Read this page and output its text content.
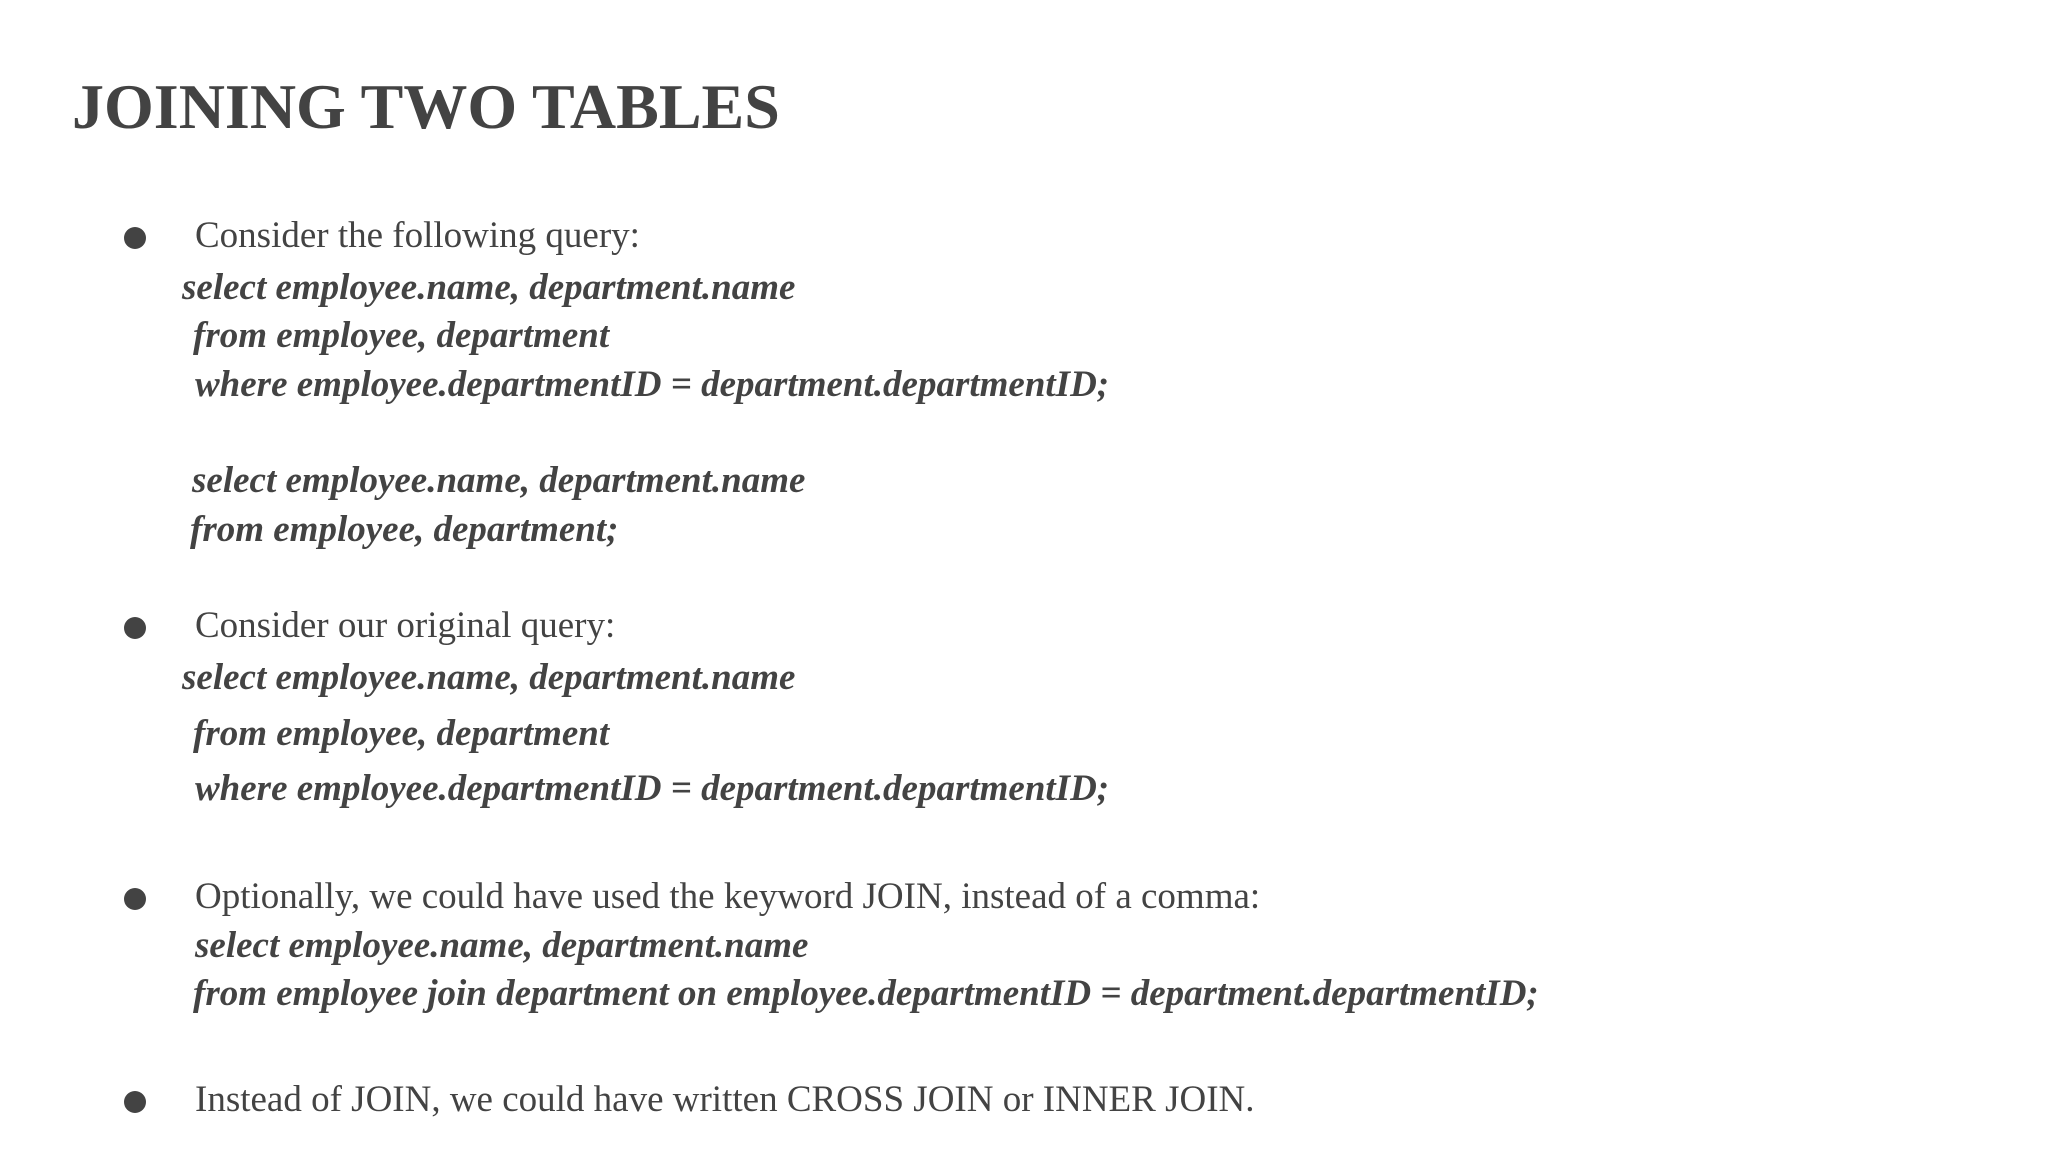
JOINING TWO TABLES

Consider the following query:

select employee.name, department.name

from employee, department

where employee.departmentID = department.departmentID;

select employee.name, department.name

from employee, department;

Consider our original query:

select employee.name, department.name

from employee, department

where employee.departmentID = department.departmentID;

Optionally, we could have used the keyword JOIN, instead of a comma:

select employee.name, department.name

from employee join department on employee.departmentID = department.departmentID;

Instead of JOIN, we could have written CROSS JOIN or INNER JOIN.
